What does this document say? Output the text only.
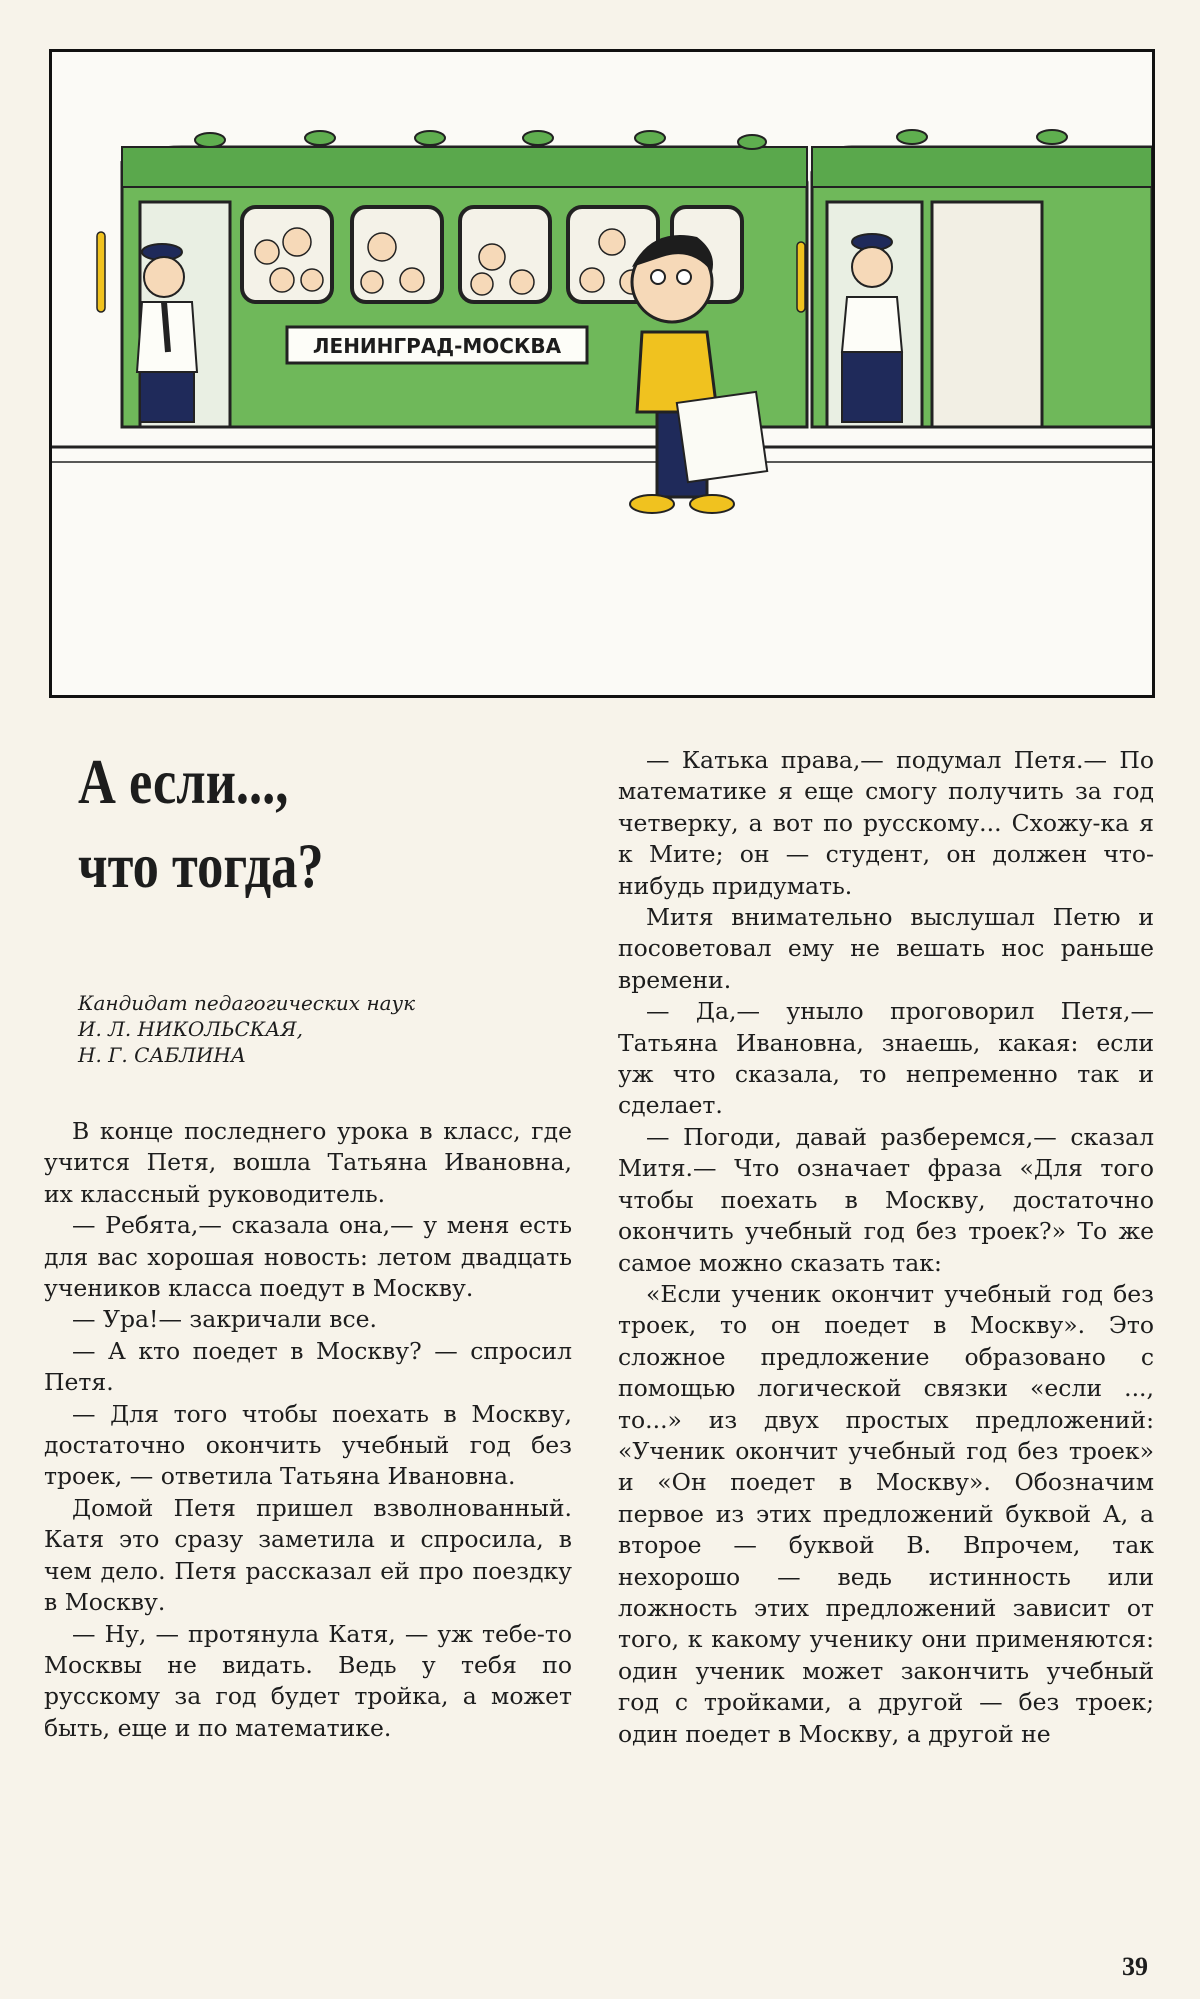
ЛЕНИНГРАД-МОСКВА
А если...,
что тогда?
Кандидат педагогических наук
И. Л. НИКОЛЬСКАЯ,
Н. Г. САБЛИНА

В конце последнего урока в класс, где учится Петя, вошла Татьяна Ивановна, их классный руководитель.

— Ребята,— сказала она,— у меня есть для вас хорошая новость: летом двадцать учеников класса поедут в Москву.

— Ура!— закричали все.

— А кто поедет в Москву? — спросил Петя.

— Для того чтобы поехать в Москву, достаточно окончить учебный год без троек, — ответила Татьяна Ивановна.

Домой Петя пришел взволнованный. Катя это сразу заметила и спросила, в чем дело. Петя рассказал ей про поездку в Москву.

— Ну, — протянула Катя, — уж тебе-то Москвы не видать. Ведь у тебя по русскому за год будет тройка, а может быть, еще и по математике.

— Катька права,— подумал Петя.— По математике я еще смогу получить за год четверку, а вот по русскому... Схожу-ка я к Мите; он — студент, он должен что-нибудь придумать.

Митя внимательно выслушал Петю и посоветовал ему не вешать нос раньше времени.

— Да,— уныло проговорил Петя,— Татьяна Ивановна, знаешь, какая: если уж что сказала, то непременно так и сделает.

— Погоди, давай разберемся,— сказал Митя.— Что означает фраза «Для того чтобы поехать в Москву, достаточно окончить учебный год без троек?» То же самое можно сказать так:

«Если ученик окончит учебный год без троек, то он поедет в Москву». Это сложное предложение образовано с помощью логической связки «если ..., то...» из двух простых предложений: «Ученик окончит учебный год без троек» и «Он поедет в Москву». Обозначим первое из этих предложений буквой А, а второе — буквой В. Впрочем, так нехорошо — ведь истинность или ложность этих предложений зависит от того, к какому ученику они применяются: один ученик может закончить учебный год с тройками, а другой — без троек; один поедет в Москву, а другой не

39
